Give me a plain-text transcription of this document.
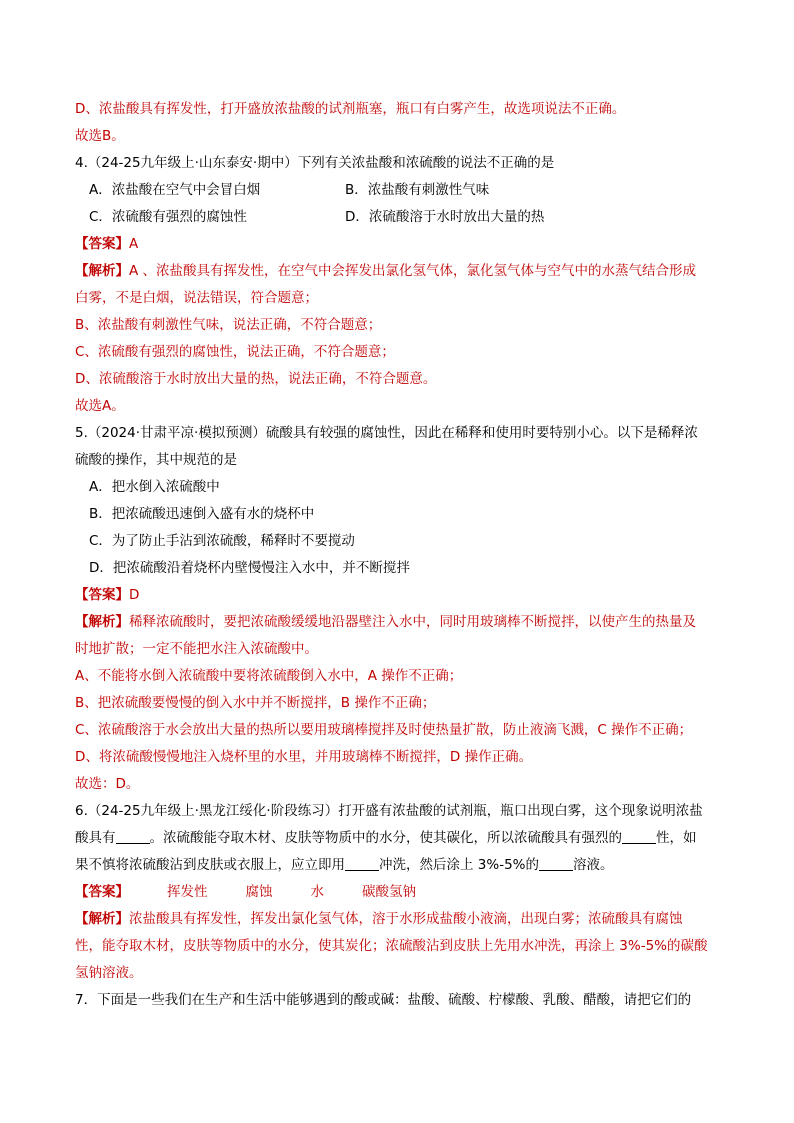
D、浓盐酸具有挥发性，打开盛放浓盐酸的试剂瓶塞，瓶口有白雾产生，故选项说法不正确。
故选B。
4.（24-25九年级上·山东泰安·期中）下列有关浓盐酸和浓硫酸的说法不正确的是
A．浓盐酸在空气中会冒白烟	B．浓盐酸有刺激性气味
C．浓硫酸有强烈的腐蚀性	D．浓硫酸溶于水时放出大量的热
【答案】A
【解析】A 、浓盐酸具有挥发性，在空气中会挥发出氯化氢气体，氯化氢气体与空气中的水蒸气结合形成
白雾，不是白烟，说法错误，符合题意；
B、浓盐酸有刺激性气味，说法正确，不符合题意；
C、浓硫酸有强烈的腐蚀性，说法正确，不符合题意；
D、浓硫酸溶于水时放出大量的热，说法正确，不符合题意。
故选A。
5.（2024·甘肃平凉·模拟预测）硫酸具有较强的腐蚀性，因此在稀释和使用时要特别小心。以下是稀释浓
硫酸的操作，其中规范的是
A．把水倒入浓硫酸中
B．把浓硫酸迅速倒入盛有水的烧杯中
C．为了防止手沾到浓硫酸，稀释时不要搅动
D．把浓硫酸沿着烧杯内壁慢慢注入水中，并不断搅拌
【答案】D
【解析】稀释浓硫酸时，要把浓硫酸缓缓地沿器壁注入水中，同时用玻璃棒不断搅拌，以使产生的热量及
时地扩散；一定不能把水注入浓硫酸中。
A、不能将水倒入浓硫酸中要将浓硫酸倒入水中，A 操作不正确；
B、把浓硫酸要慢慢的倒入水中并不断搅拌，B 操作不正确；
C、浓硫酸溶于水会放出大量的热所以要用玻璃棒搅拌及时使热量扩散，防止液滴飞溅，C 操作不正确；
D、将浓硫酸慢慢地注入烧杯里的水里，并用玻璃棒不断搅拌，D 操作正确。
故选：D。
6.（24-25九年级上·黑龙江绥化·阶段练习）打开盛有浓盐酸的试剂瓶，瓶口出现白雾，这个现象说明浓盐
酸具有	。浓硫酸能夺取木材、皮肤等物质中的水分，使其碳化，所以浓硫酸具有强烈的	性，如
果不慎将浓硫酸沾到皮肤或衣服上，应立即用	冲洗，然后涂上 3%-5%的	溶液。
【答案】	挥发性	腐蚀	水	碳酸氢钠
【解析】浓盐酸具有挥发性，挥发出氯化氢气体，溶于水形成盐酸小液滴，出现白雾；浓硫酸具有腐蚀
性，能夺取木材，皮肤等物质中的水分，使其炭化；浓硫酸沾到皮肤上先用水冲洗，再涂上 3%-5%的碳酸
氢钠溶液。
7．下面是一些我们在生产和生活中能够遇到的酸或碱：盐酸、硫酸、柠檬酸、乳酸、醋酸，请把它们的
